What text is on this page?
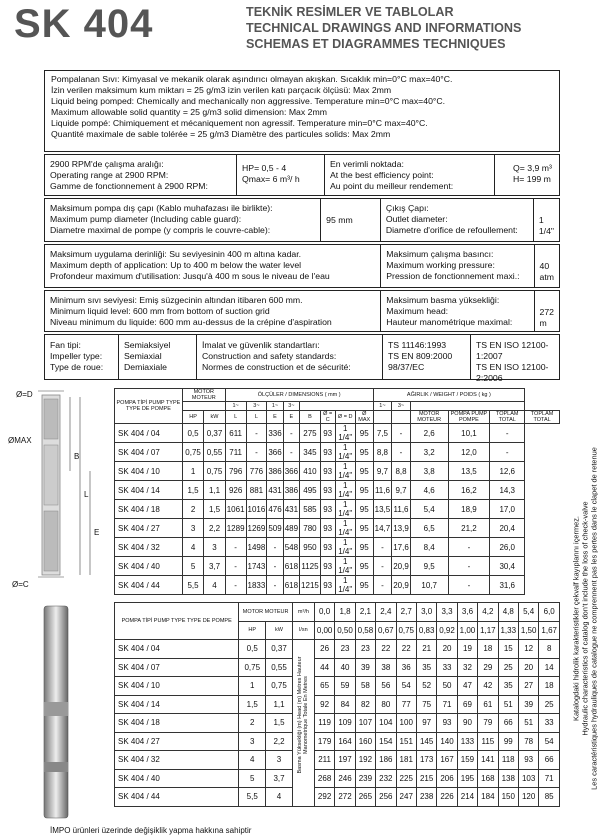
SK 404	TEKNİK RESİMLER VE TABLOLAR
TECHNICAL DRAWINGS AND INFORMATIONS
SCHEMAS ET DIAGRAMMES TECHNIQUES
Pompalanan Sıvı: Kimyasal ve mekanik olarak aşındırıcı olmayan akışkan. Sıcaklık min=0°C max=40°C.
İzin verilen maksimum kum miktarı = 25 g/m3 izin verilen katı parçacık ölçüsü: Max 2mm
Liquid being pomped: Chemically and mechanically non aggressive. Temperature min=0°C max=40°C.
Maximum allowable solid quantity = 25 g/m3 solid dimension: Max 2mm
Liquide pompé: Chimiquement et mécaniquement non agressif. Temperature min=0°C max=40°C.
Quantité maximale de sable tolérée = 25 g/m3 Diamètre des particules solids: Max 2mm
2900 RPM'de çalışma aralığı:
Operating range at 2900 RPM:
Gamme de fonctionnement à 2900 RPM:
HP= 0,5 - 4
Qmax= 6 m³/ h
En verimli noktada:
At the best efficiency point:
Au point du meilleur rendement:
Q= 3,9 m³
H= 199 m
Maksimum pompa dış çapı (Kablo muhafazası ile birlikte):
Maximum pump diameter (Including cable guard):
Diametre maximal de pompe (y compris le couvre-cable):
95 mm
Çıkış Çapı:
Outlet diameter:
Diametre d'orifice de refoullement:
1 1/4"
Maksimum uygulama derinliği: Su seviyesinin 400 m altına kadar.
Maximum depth of application: Up to 400 m below the water level
Profondeur maximum d'utilisation: Jusqu'à 400 m sous le niveau de l'eau
Maksimum çalışma basıncı:
Maximum working pressure:
Pression de fonctionnement maxi.:
40 atm
Minimum sıvı seviyesi: Emiş süzgecinin altından itibaren 600 mm.
Minimum liquid level: 600 mm from bottom of suction grid
Niveau minimum du liquide: 600 mm au-dessus de la crépine d'aspiration
Maksimum basma yüksekliği:
Maximum head:
Hauteur manométrique maximal:
272 m
Fan tipi:
Impeller type:
Type de roue:
Semiaksiyel
Semiaxial
Demiaxiale
İmalat ve güvenlik standartları:
Construction and safety standards:
Normes de construction et de sécurité:
TS 11146:1993
TS EN 809:2000
98/37/EC
TS EN ISO 12100-1:2007
TS EN ISO 12100-2:2006
Ø=D
ØMAX
Ø=C
B
L
E
POMPA TİPİ PUMP TYPE TYPE DE POMPE	MOTOR MOTEUR		ÖLÇÜLER / DIMENSIONS ( mm )								AĞIRLIK / WEIGHT / POIDS ( kg )					
			1~	3~	1~	3~					1~	3~				
	HP	kW	L	L	E	E	B	Ø = C	Ø = D	Ø MAX			MOTOR MOTEUR	POMPA PUMP POMPE	TOPLAM TOTAL	TOPLAM TOTAL
SK 404 / 04	0,5	0,37	611	-	336	-	275	93	1 1/4"	95	7,5	-	2,6	10,1	-	
SK 404 / 07	0,75	0,55	711	-	366	-	345	93	1 1/4"	95	8,8	-	3,2	12,0	-	
SK 404 / 10	1	0,75	796	776	386	366	410	93	1 1/4"	95	9,7	8,8	3,8	13,5	12,6	
SK 404 / 14	1,5	1,1	926	881	431	386	495	93	1 1/4"	95	11,6	9,7	4,6	16,2	14,3	
SK 404 / 18	2	1,5	1061	1016	476	431	585	93	1 1/4"	95	13,5	11,6	5,4	18,9	17,0	
SK 404 / 27	3	2,2	1289	1269	509	489	780	93	1 1/4"	95	14,7	13,9	6,5	21,2	20,4	
SK 404 / 32	4	3	-	1498	-	548	950	93	1 1/4"	95	-	17,6	8,4	-	26,0	
SK 404 / 40	5	3,7	-	1743	-	618	1125	93	1 1/4"	95	-	20,9	9,5	-	30,4	
SK 404 / 44	5,5	4	-	1833	-	618	1215	93	1 1/4"	95	-	20,9	10,7	-	31,6	
POMPA TİPİ PUMP TYPE TYPE DE POMPE	MOTOR MOTEUR		m³/h	0,0	1,8	2,1	2,4	2,7	3,0	3,3	3,6	4,2	4,8	5,4	6,0
	HP	kW	l/sn	0,00	0,50	0,58	0,67	0,75	0,83	0,92	1,00	1,17	1,33	1,50	1,67
SK 404 / 04	0,5	0,37	Basma Yüksekliği (m) Head (m) Metres Hauteur Manometrique Totale En Metres	26	23	23	22	22	21	20	19	18	15	12	8
SK 404 / 07	0,75	0,55		44	40	39	38	36	35	33	32	29	25	20	14
SK 404 / 10	1	0,75		65	59	58	56	54	52	50	47	42	35	27	18
SK 404 / 14	1,5	1,1		92	84	82	80	77	75	71	69	61	51	39	25
SK 404 / 18	2	1,5		119	109	107	104	100	97	93	90	79	66	51	33
SK 404 / 27	3	2,2		179	164	160	154	151	145	140	133	115	99	78	54
SK 404 / 32	4	3		211	197	192	186	181	173	167	159	141	118	93	66
SK 404 / 40	5	3,7		268	246	239	232	225	215	206	195	168	138	103	71
SK 404 / 44	5,5	4		292	272	265	256	247	238	226	214	184	150	120	85
Katalogdaki hidrolik karakteristikler çekvalf kayıplarını içermez. Hydraulic characteristics of catalog don't include the loss of check-valve Les caractéristiques hydrauliques de catalogue ne comprennent pas les pertes dans le clapet de retenue
İMPO ürünleri üzerinde değişiklik yapma hakkına sahiptir
